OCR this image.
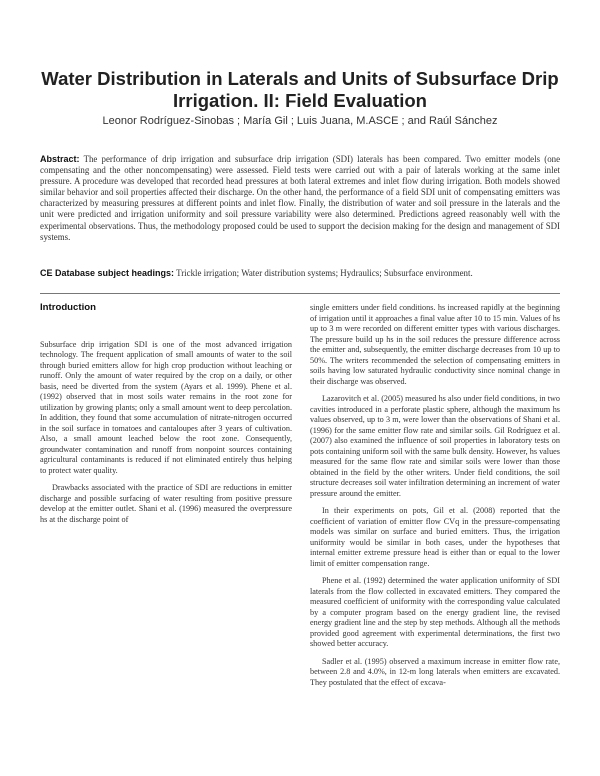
Water Distribution in Laterals and Units of Subsurface Drip Irrigation. II: Field Evaluation
Leonor Rodríguez-Sinobas ; María Gil ; Luis Juana, M.ASCE ; and Raúl Sánchez
Abstract: The performance of drip irrigation and subsurface drip irrigation (SDI) laterals has been compared. Two emitter models (one compensating and the other noncompensating) were assessed. Field tests were carried out with a pair of laterals working at the same inlet pressure. A procedure was developed that recorded head pressures at both lateral extremes and inlet flow during irrigation. Both models showed similar behavior and soil properties affected their discharge. On the other hand, the performance of a field SDI unit of compensating emitters was characterized by measuring pressures at different points and inlet flow. Finally, the distribution of water and soil pressure in the laterals and the unit were predicted and irrigation uniformity and soil pressure variability were also determined. Predictions agreed reasonably well with the experimental observations. Thus, the methodology proposed could be used to support the decision making for the design and management of SDI systems.
CE Database subject headings: Trickle irrigation; Water distribution systems; Hydraulics; Subsurface environment.
Introduction

Subsurface drip irrigation SDI is one of the most advanced irrigation technology. The frequent application of small amounts of water to the soil through buried emitters allow for high crop production without leaching or runoff. Only the amount of water required by the crop on a daily, or other basis, need be diverted from the system (Ayars et al. 1999). Phene et al. (1992) observed that in most soils water remains in the root zone for utilization by growing plants; only a small amount went to deep percolation. In addition, they found that some accumulation of nitrate-nitrogen occurred in the soil surface in tomatoes and cantaloupes after 3 years of cultivation. Also, a small amount leached below the root zone. Consequently, groundwater contamination and runoff from nonpoint sources containing agricultural contaminants is reduced if not eliminated entirely thus helping to protect water quality.

Drawbacks associated with the practice of SDI are reductions in emitter discharge and possible surfacing of water resulting from positive pressure develop at the emitter outlet. Shani et al. (1996) measured the overpressure hs at the discharge point of

single emitters under field conditions. hs increased rapidly at the beginning of irrigation until it approaches a final value after 10 to 15 min. Values of hs up to 3 m were recorded on different emitter types with various discharges. The pressure build up hs in the soil reduces the pressure difference across the emitter and, subsequently, the emitter discharge decreases from 10 up to 50%. The writers recommended the selection of compensating emitters in soils having low saturated hydraulic conductivity since nominal change in their discharge was observed.

Lazarovitch et al. (2005) measured hs also under field conditions, in two cavities introduced in a perforate plastic sphere, although the maximum hs values observed, up to 3 m, were lower than the observations of Shani et al. (1996) for the same emitter flow rate and similar soils. Gil Rodríguez et al. (2007) also examined the influence of soil properties in laboratory tests on pots containing uniform soil with the same bulk density. However, hs values measured for the same flow rate and similar soils were lower than those obtained in the field by the other writers. Under field conditions, the soil structure decreases soil water infiltration determining an increment of water pressure around the emitter.

In their experiments on pots, Gil et al. (2008) reported that the coefficient of variation of emitter flow CVq in the pressure-compensating models was similar on surface and buried emitters. Thus, the irrigation uniformity would be similar in both cases, under the hypotheses that internal emitter extreme pressure head is either than or equal to the lower limit of emitter compensation range.

Phene et al. (1992) determined the water application uniformity of SDI laterals from the flow collected in excavated emitters. They compared the measured coefficient of uniformity with the corresponding value calculated by a computer program based on the energy gradient line, the revised energy gradient line and the step by step methods. Although all the methods provided good agreement with experimental determinations, the first two showed better accuracy.

Sadler et al. (1995) observed a maximum increase in emitter flow rate, between 2.8 and 4.0%, in 12-m long laterals when emitters are excavated. They postulated that the effect of excava-
